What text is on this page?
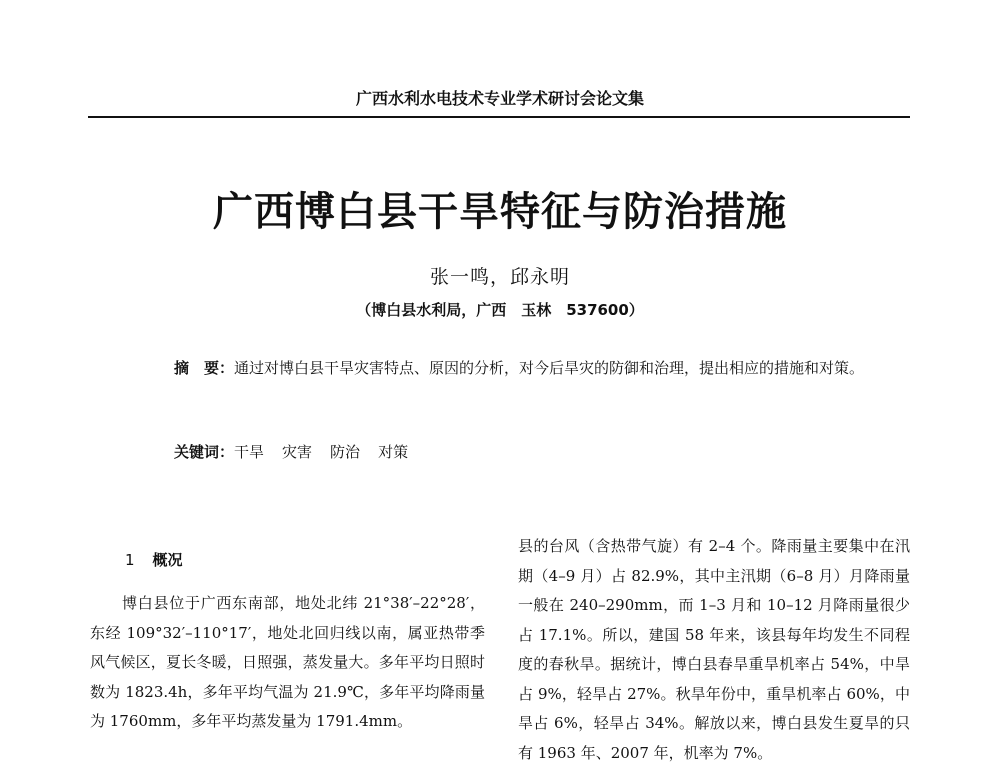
广西水利水电技术专业学术研讨会论文集
广西博白县干旱特征与防治措施
张一鸣，邱永明
（博白县水利局，广西　玉林　537600）
摘　要：通过对博白县干旱灾害特点、原因的分析，对今后旱灾的防御和治理，提出相应的措施和对策。
关键词：干旱 灾害 防治 对策
1 概况
博白县位于广西东南部，地处北纬 21°38′–22°28′，东经 109°32′–110°17′，地处北回归线以南，属亚热带季风气候区，夏长冬暖，日照强，蒸发量大。多年平均日照时数为 1823.4h，多年平均气温为 21.9℃，多年平均降雨量为 1760mm，多年平均蒸发量为 1791.4mm。
县的台风（含热带气旋）有 2–4 个。降雨量主要集中在汛期（4–9 月）占 82.9%，其中主汛期（6–8 月）月降雨量一般在 240–290mm，而 1–3 月和 10–12 月降雨量很少占 17.1%。所以，建国 58 年来，该县每年均发生不同程度的春秋旱。据统计，博白县春旱重旱机率占 54%，中旱占 9%，轻旱占 27%。秋旱年份中，重旱机率占 60%，中旱占 6%，轻旱占 34%。解放以来，博白县发生夏旱的只有 1963 年、2007 年，机率为 7%。
